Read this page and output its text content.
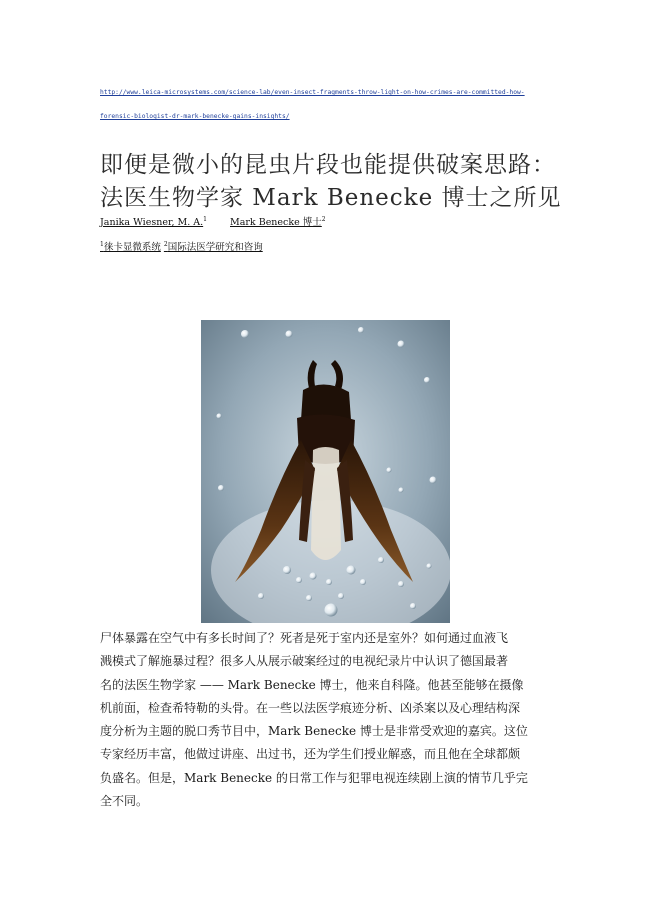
http://www.leica-microsystems.com/science-lab/even-insect-fragments-throw-light-on-how-crimes-are-committed-how-
forensic-biologist-dr-mark-benecke-gains-insights/
即便是微小的昆虫片段也能提供破案思路：
法医生物学家 Mark Benecke 博士之所见
Janika Wiesner, M. A.$^1$ Mark Benecke 博士$^2$
$^1$徕卡显微系统 $^2$国际法医学研究和咨询

尸体暴露在空气中有多长时间了？死者是死于室内还是室外？如何通过血液飞
溅模式了解施暴过程？很多人从展示破案经过的电视纪录片中认识了德国最著
名的法医生物学家 —— Mark Benecke 博士，他来自科隆。他甚至能够在摄像
机前面，检查希特勒的头骨。在一些以法医学痕迹分析、凶杀案以及心理结构深
度分析为主题的脱口秀节目中，Mark Benecke 博士是非常受欢迎的嘉宾。这位
专家经历丰富，他做过讲座、出过书，还为学生们授业解惑，而且他在全球都颇
负盛名。但是，Mark Benecke 的日常工作与犯罪电视连续剧上演的情节几乎完
全不同。
